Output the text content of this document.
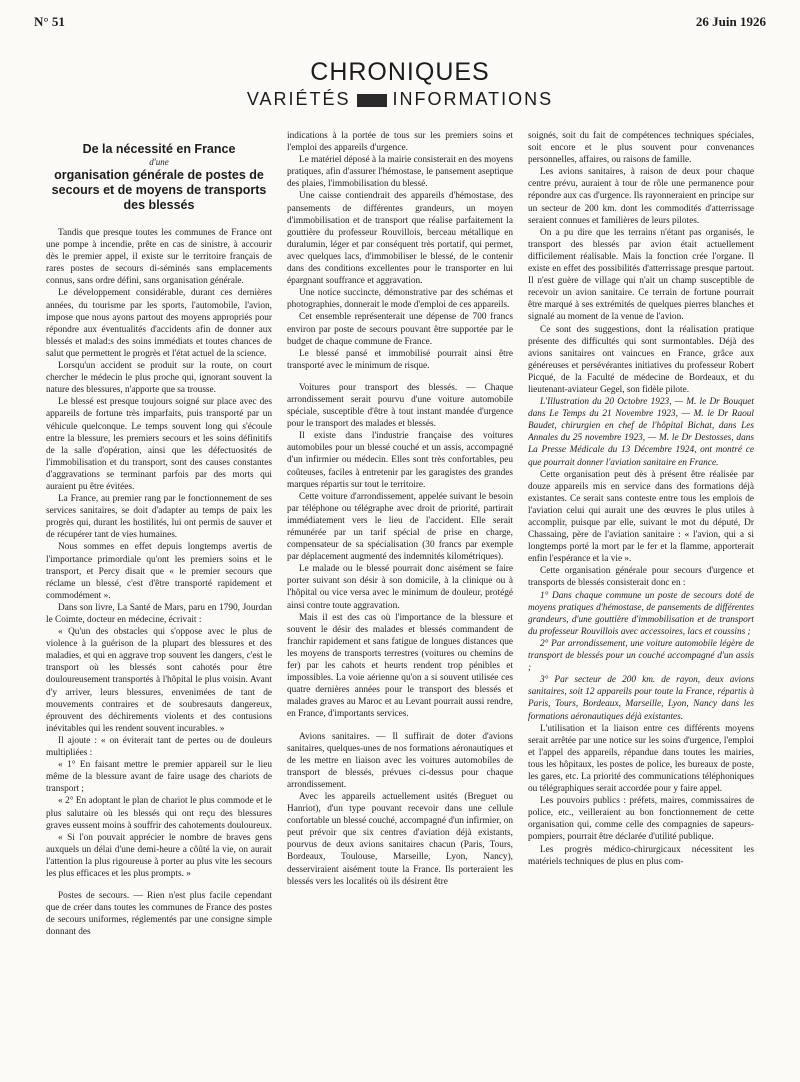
N° 51	26 Juin 1926
CHRONIQUES
VARIÉTÉS INFORMATIONS
De la nécessité en France
d'une
organisation générale de postes de secours et de moyens de transports des blessés

Tandis que presque toutes les communes de France ont une pompe à incendie, prête en cas de sinistre, à accourir dès le premier appel, il existe sur le territoire français de rares postes de secours di-séminés sans emplacements connus, sans ordre défini, sans organisation générale.

Le développement considérable, durant ces dernières années, du tourisme par les sports, l'automobile, l'avion, impose que nous ayons partout des moyens appropriés pour répondre aux éventualités d'accidents afin de donner aux blessés et malad:s des soins immédiats et toutes chances de salut que permettent le progrès et l'état actuel de la science.

Lorsqu'un accident se produit sur la route, on court chercher le médecin le plus proche qui, ignorant souvent la nature des blessures, n'apporte que sa trousse.

Le blessé est presque toujours soigné sur place avec des appareils de fortune très imparfaits, puis transporté par un véhicule quelconque. Le temps souvent long qui s'écoule entre la blessure, les premiers secours et les soins définitifs de la salle d'opération, ainsi que les défectuosités de l'immobilisation et du transport, sont des causes constantes d'aggravations se terminant parfois par des morts qui auraient pu être évitées.

La France, au premier rang par le fonctionnement de ses services sanitaires, se doit d'adapter au temps de paix les progrès qui, durant les hostilités, lui ont permis de sauver et de récupérer tant de vies humaines.

Nous sommes en effet depuis longtemps avertis de l'importance primordiale qu'ont les premiers soins et le transport, et Percy disait que « le premier secours que réclame un blessé, c'est d'être transporté rapidement et commodément ».

Dans son livre, La Santé de Mars, paru en 1790, Jourdan le Coimte, docteur en médecine, écrivait :

« Qu'un des obstacles qui s'oppose avec le plus de violence à la guérison de la plupart des blessures et des maladies, et qui en aggrave trop souvent les dangers, c'est le transport où les blessés sont cahotés pour être douloureusement transportés à l'hôpital le plus voisin. Avant d'y arriver, leurs blessures, envenimées de tant de mouvements contraires et de soubresauts dangereux, éprouvent des déchirements violents et des contusions inévitables qui les rendent souvent incurables. »

Il ajoute : « on éviterait tant de pertes ou de douleurs multipliées :

« 1° En faisant mettre le premier appareil sur le lieu même de la blessure avant de faire usage des chariots de transport ;

« 2° En adoptant le plan de chariot le plus commode et le plus salutaire où les blessés qui ont reçu des blessures graves eussent moins à souffrir des cahotements douloureux.

« Si l'on pouvait apprécier le nombre de braves gens auxquels un délai d'une demi-heure a côûté la vie, on aurait l'attention la plus rigoureuse à porter au plus vite les secours les plus efficaces et les plus prompts. »

Postes de secours. — Rien n'est plus facile cependant que de créer dans toutes les communes de France des postes de secours uniformes, réglementés par une consigne simple donnant des

indications à la portée de tous sur les premiers soins et l'emploi des appareils d'urgence.

Le matériel déposé à la mairie consisterait en des moyens pratiques, afin d'assurer l'hémostase, le pansement aseptique des plaies, l'immobilisation du blessé.

Une caisse contiendrait des appareils d'hémostase, des pansements de différentes grandeurs, un moyen d'immobilisation et de transport que réalise parfaitement la gouttière du professeur Rouvillois, berceau métallique en duralumin, léger et par conséquent très portatif, qui permet, avec quelques lacs, d'immobiliser le blessé, de le contenir dans des conditions excellentes pour le transporter en lui épargnant souffrance et aggravation.

Une notice succincte, démonstrative par des schémas et photographies, donnerait le mode d'emploi de ces appareils.

Cet ensemble représenterait une dépense de 700 francs environ par poste de secours pouvant être supportée par le budget de chaque commune de France.

Le blessé pansé et immobilisé pourrait ainsi être transporté avec le minimum de risque.

Voitures pour transport des blessés. — Chaque arrondissement serait pourvu d'une voiture automobile spéciale, susceptible d'être à tout instant mandée d'urgence pour le transport des malades et blessés.

Il existe dans l'industrie française des voitures automobiles pour un blessé couché et un assis, accompagné d'un infirmier ou médecin. Elles sont très confortables, peu coûteuses, faciles à entretenir par les garagistes des grandes marques répartis sur tout le territoire.

Cette voiture d'arrondissement, appelée suivant le besoin par téléphone ou télégraphe avec droit de priorité, partirait immédiatement vers le lieu de l'accident. Elle serait rémunérée par un tarif spécial de prise en charge, compensateur de sa spécialisation (30 francs par exemple par déplacement augmenté des indemnités kilométriques).

Le malade ou le blessé pourrait donc aisément se faire porter suivant son désir à son domicile, à la clinique ou à l'hôpital ou vice versa avec le minimum de douleur, protégé ainsi contre toute aggravation.

Mais il est des cas où l'importance de la blessure et souvent le désir des malades et blessés commandent de franchir rapidement et sans fatigue de longues distances que les moyens de transports terrestres (voitures ou chemins de fer) par les cahots et heurts rendent trop pénibles et impossibles. La voie aérienne qu'on a si souvent utilisée ces quatre dernières années pour le transport des blessés et malades graves au Maroc et au Levant pourrait aussi rendre, en France, d'importants services.

Avions sanitaires. — Il suffirait de doter d'avions sanitaires, quelques-unes de nos formations aéronautiques et de les mettre en liaison avec les voitures automobiles de transport de blessés, prévues ci-dessus pour chaque arrondissement.

Avec les appareils actuellement usités (Breguet ou Hanriot), d'un type pouvant recevoir dans une cellule confortable un blessé couché, accompagné d'un infirmier, on peut prévoir que six centres d'aviation déjà existants, pourvus de deux avions sanitaires chacun (Paris, Tours, Bordeaux, Toulouse, Marseille, Lyon, Nancy), desserviraient aisément toute la France. Ils porteraient les blessés vers les localités où ils désirent être

soignés, soit du fait de compétences techniques spéciales, soit encore et le plus souvent pour convenances personnelles, affaires, ou raisons de famille.

Les avions sanitaires, à raison de deux pour chaque centre prévu, auraient à tour de rôle une permanence pour répondre aux cas d'urgence. Ils rayonneraient en principe sur un secteur de 200 km. dont les commodités d'atterrissage seraient connues et familières de leurs pilotes.

On a pu dire que les terrains n'étant pas organisés, le transport des blessés par avion était actuellement difficilement réalisable. Mais la fonction crée l'organe. Il existe en effet des possibilités d'atterrissage presque partout. Il n'est guère de village qui n'ait un champ susceptible de recevoir un avion sanitaire. Ce terrain de fortune pourrait être marqué à ses extrémités de quelques pierres blanches et signalé au moment de la venue de l'avion.

Ce sont des suggestions, dont la réalisation pratique présente des difficultés qui sont surmontables. Déjà des avions sanitaires ont vaincues en France, grâce aux généreuses et persévérantes initiatives du professeur Robert Picqué, de la Faculté de médecine de Bordeaux, et du lieutenant-aviateur Gegel, son fidèle pilote.

L'Illustration du 20 Octobre 1923, — M. le Dr Bouquet dans Le Temps du 21 Novembre 1923, — M. le Dr Raoul Baudet, chirurgien en chef de l'hôpital Bichat, dans Les Annales du 25 novembre 1923, — M. le Dr Destosses, dans La Presse Médicale du 13 Décembre 1924, ont montré ce que pourrait donner l'aviation sanitaire en France.

Cette organisation peut dès à présent être réalisée par douze appareils mis en service dans des formations déjà existantes. Ce serait sans conteste entre tous les emplois de l'aviation celui qui aurait une des œuvres le plus utiles à accomplir, puisque par elle, suivant le mot du député, Dr Chassaing, père de l'aviation sanitaire : « l'avion, qui a si longtemps porté la mort par le fer et la flamme, apporterait enfin l'espérance et la vie ».

Cette organisation générale pour secours d'urgence et transports de blessés consisterait donc en :

1° Dans chaque commune un poste de secours doté de moyens pratiques d'hémostase, de pansements de différentes grandeurs, d'une gouttière d'immobilisation et de transport du professeur Rouvillois avec accessoires, lacs et coussins ;

2° Par arrondissement, une voiture automobile légère de transport de blessés pour un couché accompagné d'un assis ;

3° Par secteur de 200 km. de rayon, deux avions sanitaires, soit 12 appareils pour toute la France, répartis à Paris, Tours, Bordeaux, Marseille, Lyon, Nancy dans les formations aéronautiques déjà existantes.

L'utilisation et la liaison entre ces différents moyens serait arrêtée par une notice sur les soins d'urgence, l'emploi et l'appel des appareils, répandue dans toutes les mairies, tous les hôpitaux, les postes de police, les bureaux de poste, les gares, etc. La priorité des communications téléphoniques ou télégraphiques serait accordée pour y faire appel.

Les pouvoirs publics : préfets, maires, commissaires de police, etc., veilleraient au bon fonctionnement de cette organisation qui, comme celle des compagnies de sapeurs-pompiers, pourrait être déclarée d'utilité publique.

Les progrès médico-chirurgicaux nécessitent les matériels techniques de plus en plus com-
